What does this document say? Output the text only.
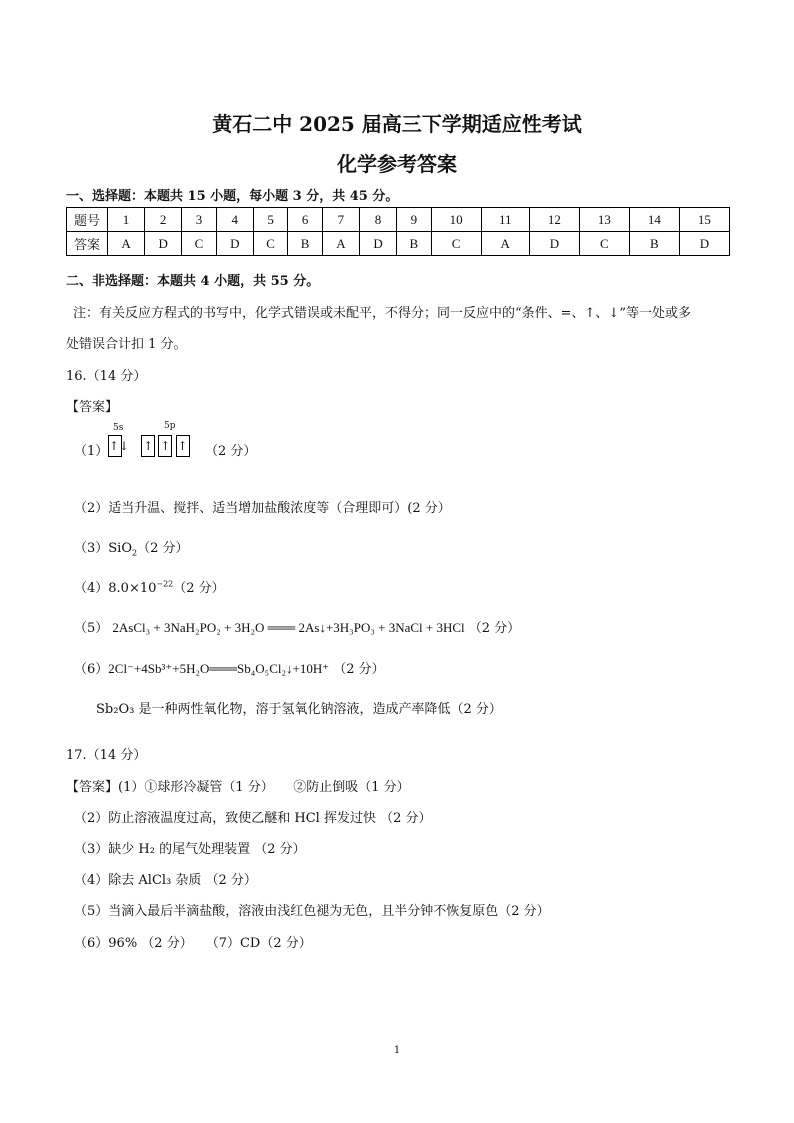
黄石二中 2025 届高三下学期适应性考试
化学参考答案
一、选择题：本题共 15 小题，每小题 3 分，共 45 分。
题号	1	2	3	4	5	6	7	8	9	10	11	12	13	14	15
答案	A	D	C	D	C	B	A	D	B	C	A	D	C	B	D
二、非选择题：本题共 4 小题，共 55 分。
注：有关反应方程式的书写中，化学式错误或未配平，不得分；同一反应中的“条件、=、↑、↓”等一处或多
处错误合计扣 1 分。
16.（14 分）
【答案】
（1）
5s	5p
↑↓ ↑ ↑ ↑ （2 分）
（2）适当升温、搅拌、适当增加盐酸浓度等（合理即可）(2 分）
（3）SiO$_2$（2 分）
$(4)8.0\times 10^{-22}(2$ 分）
（5） 2AsCl₃ + 3NaH₂PO₂ + 3H₂O ═══ 2As↓+3H₃PO₃ + 3NaCl + 3HCl （2 分）
（6）2Cl⁻+4Sb³⁺+5H₂O═══Sb₄O₅Cl₂↓+10H⁺ （2 分）
Sb₂O₃ 是一种两性氧化物，溶于氢氧化钠溶液，造成产率降低（2 分）
17.（14 分）
【答案】(1）①球形冷凝管（1 分）　　②防止倒吸（1 分）
（2）防止溶液温度过高，致使乙醚和 HCl 挥发过快 （2 分）
（3）缺少 H₂ 的尾气处理装置 （2 分）
（4）除去 AlCl₃ 杂质 （2 分）
（5）当滴入最后半滴盐酸，溶液由浅红色褪为无色，且半分钟不恢复原色（2 分）
（6）96% （2 分）　　（7）CD（2 分）
1
